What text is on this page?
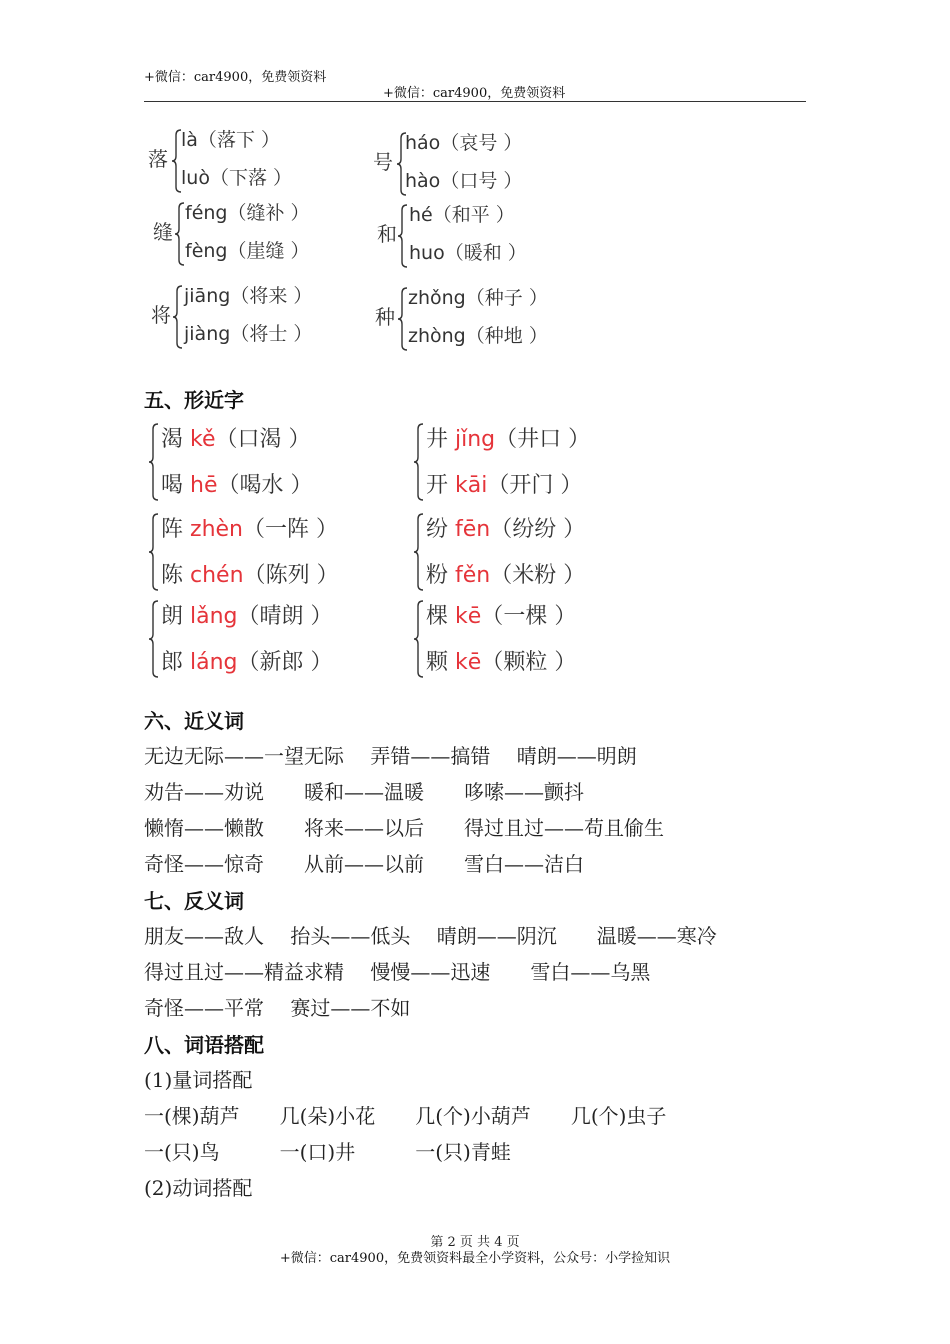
+微信：car4900，免费领资料
+微信：car4900，免费领资料
落
là（落下 ）
luò（下落 ）
号
háo（哀号 ）
hào（口号 ）
缝
féng（缝补 ）
fèng（崖缝 ）
和
hé（和平 ）
huo（暖和 ）
将
jiāng（将来 ）
jiàng（将士 ）
种
zhǒng（种子 ）
zhòng（种地 ）
五、形近字
渴 kě（口渴 ）
喝 hē（喝水 ）
井 jǐng（井口 ）
开 kāi（开门 ）
阵 zhèn（一阵 ）
陈 chén（陈列 ）
纷 fēn（纷纷 ）
粉 fěn（米粉 ）
朗 lǎng（晴朗 ）
郎 láng（新郎 ）
棵 kē（一棵 ）
颗 kē（颗粒 ）
六、近义词
无边无际——一望无际　 弄错——搞错　 晴朗——明朗
劝告——劝说　　暖和——温暖　　哆嗦——颤抖
懒惰——懒散　　将来——以后　　得过且过——苟且偷生
奇怪——惊奇　　从前——以前　　雪白——洁白
七、反义词
朋友——敌人　 抬头——低头　 晴朗——阴沉　　温暖——寒冷
得过且过——精益求精　 慢慢——迅速　　雪白——乌黑
奇怪——平常　 赛过——不如
八、词语搭配
(1)量词搭配
一(棵)葫芦　　几(朵)小花　　几(个)小葫芦　　几(个)虫子
一(只)鸟　　　一(口)井　　　一(只)青蛙
(2)动词搭配
第 2 页 共 4 页
+微信：car4900，免费领资料最全小学资料，公众号：小学捡知识
